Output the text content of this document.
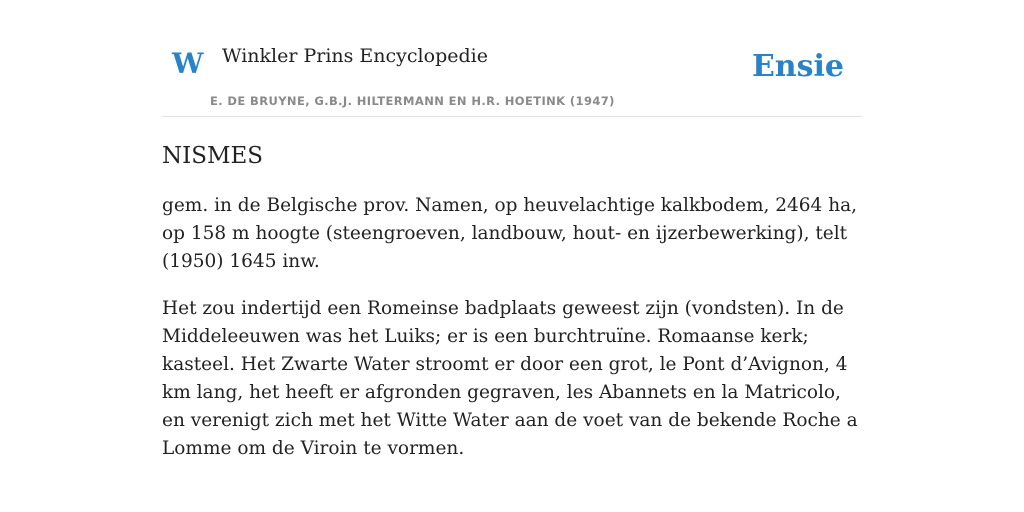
W Winkler Prins Encyclopedie
E. DE BRUYNE, G.B.J. HILTERMANN EN H.R. HOETINK (1947)
Ensie
NISMES

gem. in de Belgische prov. Namen, op heuvelachtige kalkbodem, 2464 ha, op 158 m hoogte (steengroeven, landbouw, hout- en ijzerbewerking), telt (1950) 1645 inw.

Het zou indertijd een Romeinse badplaats geweest zijn (vondsten). In de Middeleeuwen was het Luiks; er is een burchtruïne. Romaanse kerk; kasteel. Het Zwarte Water stroomt er door een grot, le Pont d’Avignon, 4 km lang, het heeft er afgronden gegraven, les Abannets en la Matricolo, en verenigt zich met het Witte Water aan de voet van de bekende Roche a Lomme om de Viroin te vormen.
